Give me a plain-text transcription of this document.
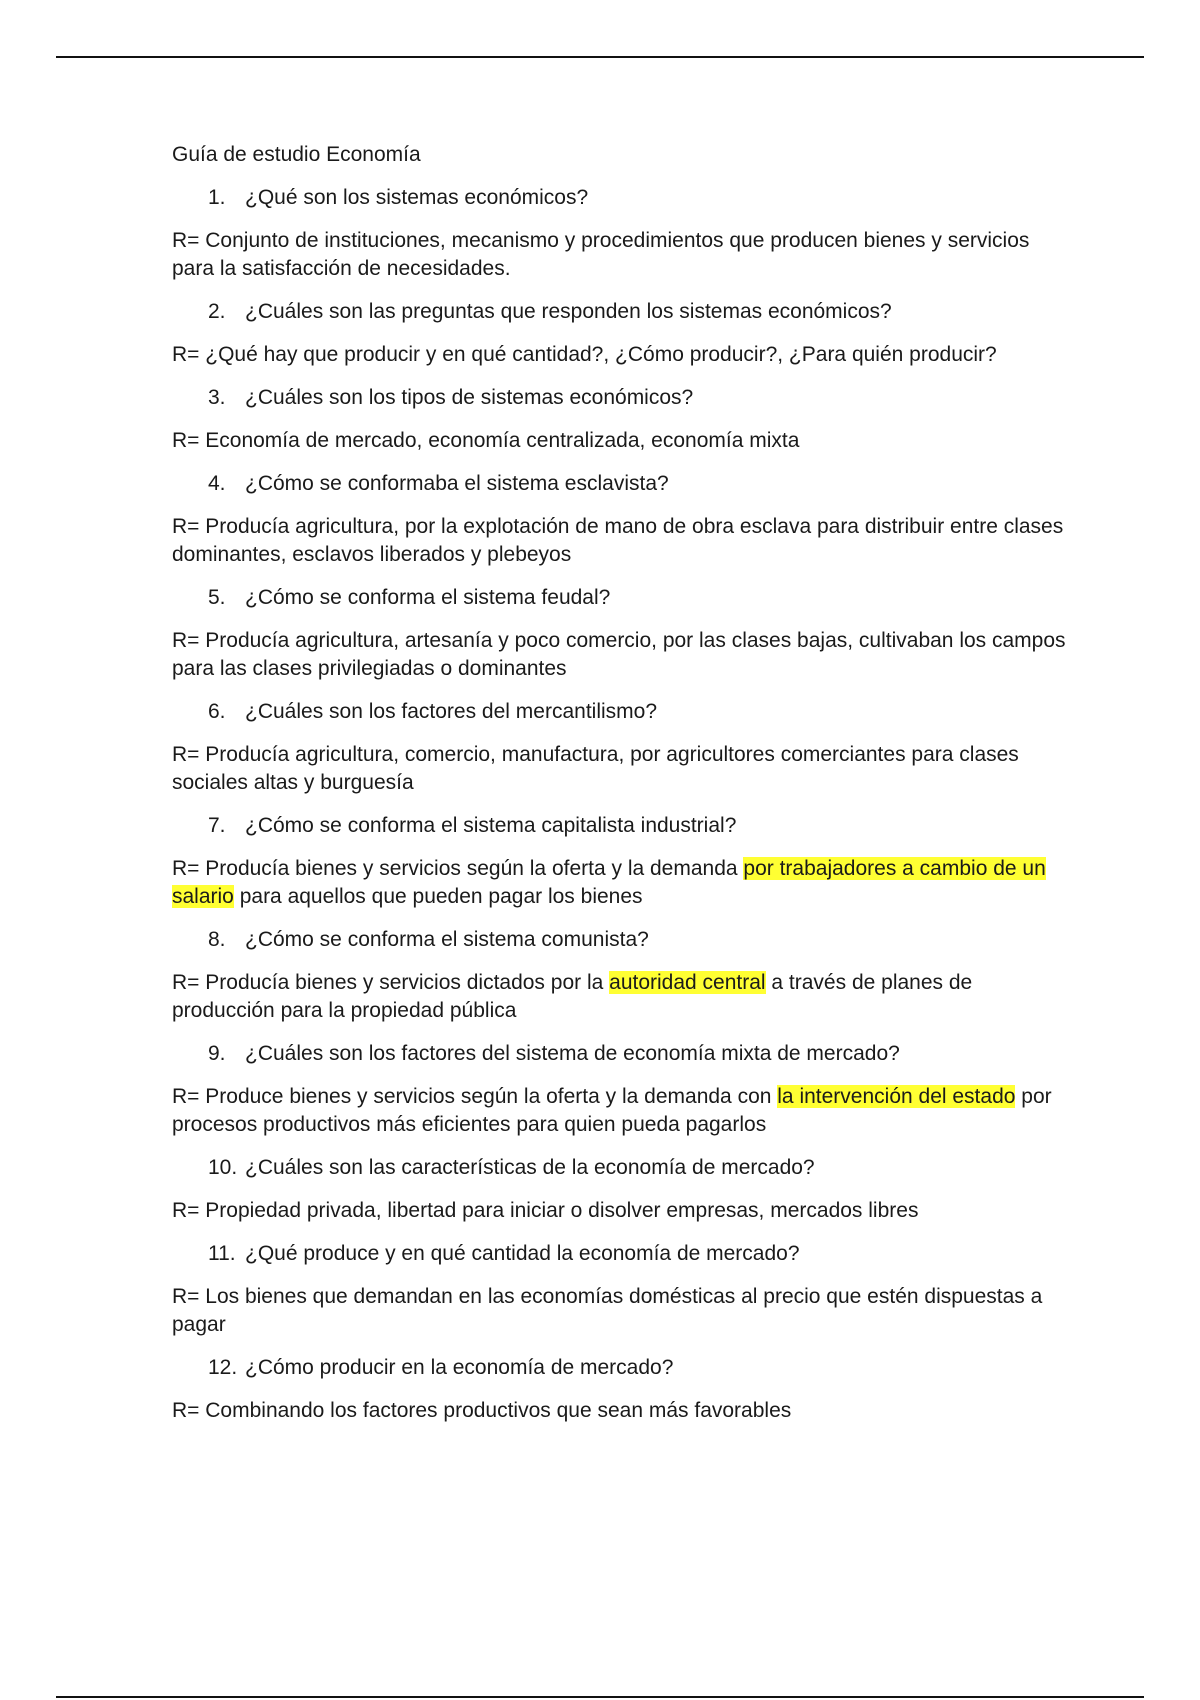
Guía de estudio Economía

1. ¿Qué son los sistemas económicos?

R= Conjunto de instituciones, mecanismo y procedimientos que producen bienes y servicios para la satisfacción de necesidades.

2. ¿Cuáles son las preguntas que responden los sistemas económicos?

R= ¿Qué hay que producir y en qué cantidad?, ¿Cómo producir?, ¿Para quién producir?

3. ¿Cuáles son los tipos de sistemas económicos?

R= Economía de mercado, economía centralizada, economía mixta

4. ¿Cómo se conformaba el sistema esclavista?

R= Producía agricultura, por la explotación de mano de obra esclava para distribuir entre clases dominantes, esclavos liberados y plebeyos

5. ¿Cómo se conforma el sistema feudal?

R= Producía agricultura, artesanía y poco comercio, por las clases bajas, cultivaban los campos para las clases privilegiadas o dominantes

6. ¿Cuáles son los factores del mercantilismo?

R= Producía agricultura, comercio, manufactura, por agricultores comerciantes para clases sociales altas y burguesía

7. ¿Cómo se conforma el sistema capitalista industrial?

R= Producía bienes y servicios según la oferta y la demanda por trabajadores a cambio de un salario para aquellos que pueden pagar los bienes

8. ¿Cómo se conforma el sistema comunista?

R= Producía bienes y servicios dictados por la autoridad central a través de planes de producción para la propiedad pública

9. ¿Cuáles son los factores del sistema de economía mixta de mercado?

R= Produce bienes y servicios según la oferta y la demanda con la intervención del estado por procesos productivos más eficientes para quien pueda pagarlos

10. ¿Cuáles son las características de la economía de mercado?

R= Propiedad privada, libertad para iniciar o disolver empresas, mercados libres

11. ¿Qué produce y en qué cantidad la economía de mercado?

R= Los bienes que demandan en las economías domésticas al precio que estén dispuestas a pagar

12. ¿Cómo producir en la economía de mercado?

R= Combinando los factores productivos que sean más favorables
